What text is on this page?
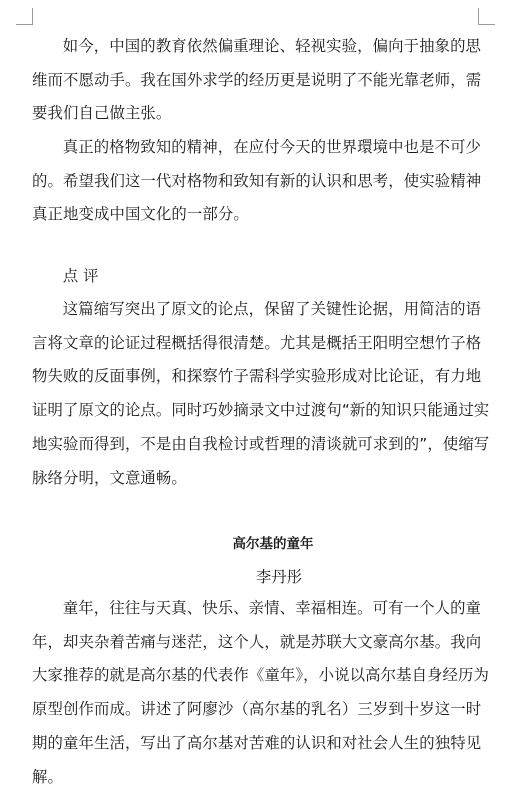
如今，中国的教育依然偏重理论、轻视实验，偏向于抽象的思维而不愿动手。我在国外求学的经历更是说明了不能光靠老师，需要我们自己做主张。

真正的格物致知的精神，在应付今天的世界環境中也是不可少的。希望我们这一代对格物和致知有新的认识和思考，使实验精神真正地变成中国文化的一部分。

点 评

这篇缩写突出了原文的论点，保留了关键性论据，用简洁的语言将文章的论证过程概括得很清楚。尤其是概括王阳明空想竹子格物失败的反面事例，和探察竹子需科学实验形成对比论证，有力地证明了原文的论点。同时巧妙摘录文中过渡句“新的知识只能通过实地实验而得到，不是由自我检讨或哲理的清谈就可求到的”，使缩写脉络分明，文意通畅。

高尔基的童年

李丹彤

童年，往往与天真、快乐、亲情、幸福相连。可有一个人的童年，却夹杂着苦痛与迷茫，这个人，就是苏联大文豪高尔基。我向大家推荐的就是高尔基的代表作《童年》，小说以高尔基自身经历为原型创作而成。讲述了阿廖沙（高尔基的乳名）三岁到十岁这一时期的童年生活，写出了高尔基对苦难的认识和对社会人生的独特见解。
